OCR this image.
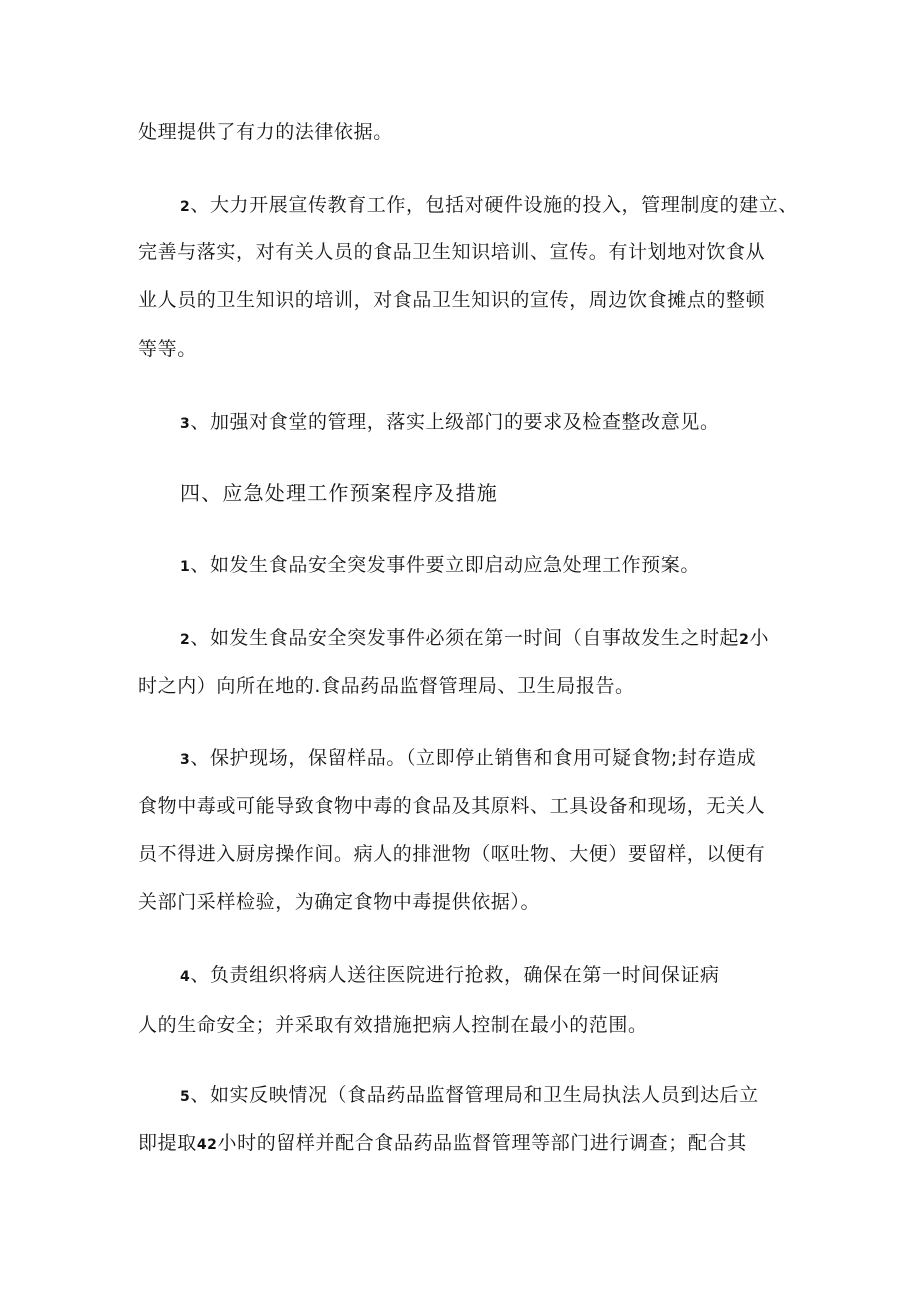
处理提供了有力的法律依据。
2、大力开展宣传教育工作，包括对硬件设施的投入，管理制度的建立、
完善与落实，对有关人员的食品卫生知识培训、宣传。有计划地对饮食从
业人员的卫生知识的培训，对食品卫生知识的宣传，周边饮食摊点的整顿
等等。
3、加强对食堂的管理，落实上级部门的要求及检查整改意见。
四、应急处理工作预案程序及措施
1、如发生食品安全突发事件要立即启动应急处理工作预案。
2、如发生食品安全突发事件必须在第一时间（自事故发生之时起2小
时之内）向所在地的.食品药品监督管理局、卫生局报告。
3、保护现场，保留样品。（立即停止销售和食用可疑食物;封存造成
食物中毒或可能导致食物中毒的食品及其原料、工具设备和现场，无关人
员不得进入厨房操作间。病人的排泄物（呕吐物、大便）要留样，以便有
关部门采样检验，为确定食物中毒提供依据）。
4、负责组织将病人送往医院进行抢救，确保在第一时间保证病
人的生命安全；并采取有效措施把病人控制在最小的范围。
5、如实反映情况（食品药品监督管理局和卫生局执法人员到达后立
即提取42小时的留样并配合食品药品监督管理等部门进行调查；配合其
